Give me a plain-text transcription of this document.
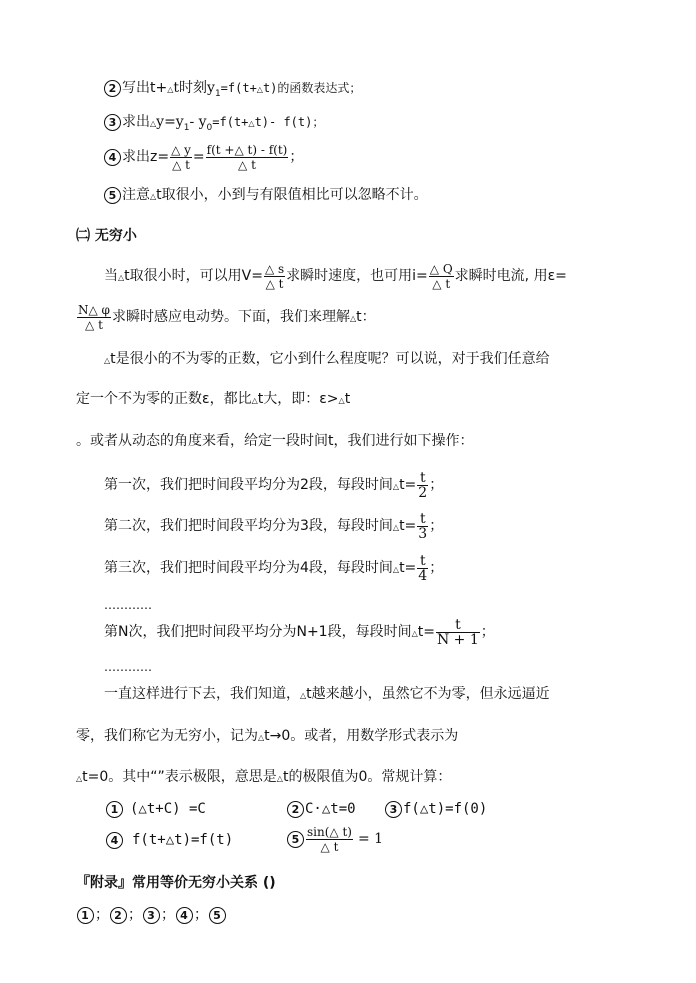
2 写出t+△t时刻$y_1=f(t+\triangle t)$的函数表达式；
3 求出$\triangle y=y_1-$ $y_0=f(t+\triangle t)-$ f(t)；
4 求出$z= \frac{\triangle y}{\triangle t} = \frac{f(t +\triangle t) - f(t)}{\triangle t}$ ；
5 注意△t取很小，小到与有限值相比可以忽略不计。
㈡ 无穷小
当△t取很小时，可以用$V= \frac{\triangle s}{\triangle t}$ 求瞬时速度，也可用$i= \frac{\triangle Q}{\triangle t}$ 求瞬时电流, 用ε=
$\frac{N\triangle \varphi}{\triangle t}$ 求瞬时感应电动势。下面，我们来理解△t：
△t是很小的不为零的正数，它小到什么程度呢？可以说，对于我们任意给
定一个不为零的正数ε，都比△t大，即：ε>△t
。或者从动态的角度来看，给定一段时间t，我们进行如下操作：
第一次，我们把时间段平均分为2段，每段时间△t= $\frac{t}{2}$ ；
第二次，我们把时间段平均分为3段，每段时间△t= $\frac{t}{3}$ ；
第三次，我们把时间段平均分为4段，每段时间△t= $\frac{t}{4}$ ；
…………
第N次，我们把时间段平均分为N+1段，每段时间△t= $\frac{t}{N + 1}$ ；
…………
一直这样进行下去，我们知道，△t越来越小，虽然它不为零，但永远逼近
零，我们称它为无穷小，记为△t→0。或者，用数学形式表示为
△t=0。其中“”表示极限，意思是△t的极限值为0。常规计算：
1 (△t+C) =C	2 C·△t=0	3 f(△t)=f(0)
4 f(t+△t)=f(t)	$5 \frac{\sin(\triangle t)}{\triangle t} = 1$
『附录』常用等价无穷小关系 ()
1 ； 2 ； 3 ； 4 ； 5
